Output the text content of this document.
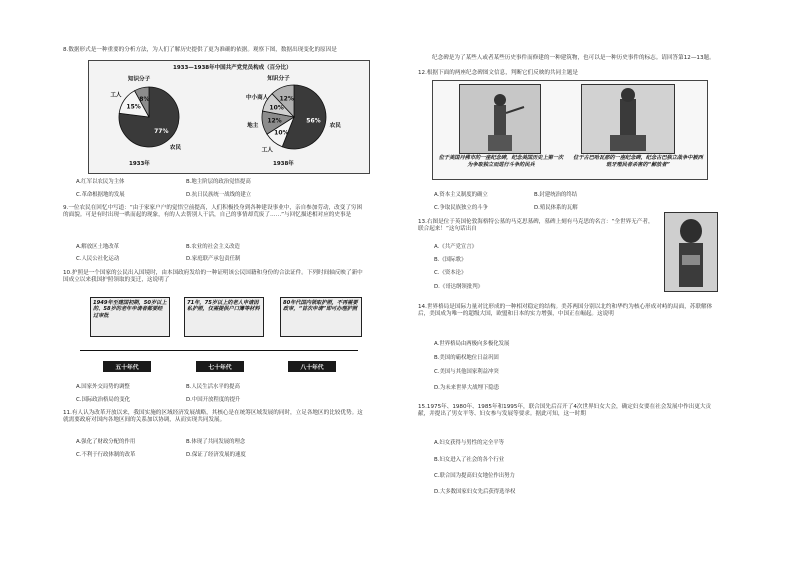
8.数据形式是一种重要的分析方法，为人们了解历史提供了更为准确的依据。观察下图，数据出现变化的原因是
1933—1938年中国共产党党员构成（百分比）
77%
农民
15%
工人
8%
知识分子
56%
农民
10%
工人
12%
地主
10%
中小商人 12%
知识分子
1933年	1938年
A.红军以农民为主体	B.地主阶层的政治觉悟提高
C.革命根据地的发展	D.抗日民族统一战线的建立
9.一位农民在回忆中写道：“由于家家户户的觉悟空前提高，人们积极投身到各种建设事业中，亲自参加劳动，改变了穷困的面貌。可是有时出现一哄而起的现象，有的人去帮别人干活，自己的事情却荒废了……”与回忆描述相对应的史事是
A.解放区土地改革	B.农业的社会主义改造
C.人民公社化运动	D.家庭联产承包责任制
10.护照是一个国家的公民出入国境时，由本国政府发给的一种证明该公民国籍和身份的合法证件。下列时间轴反映了新中国成立以来我国护照领取的变迁，这说明了
1949年至建国初期，50岁以上的、58岁的老年申请者都要经过审批
71年，75岁以上的老人申请因私护照，仅需提供户口簿等材料
80年代国内领取护照，不再需要政审，“首次申请”即可办理护照
五十年代	七十年代	八十年代
A.国家外交局势的调整	B.人民生活水平的提高
C.国际政治格局的变化	D.中国开放程度的提升
11.有人认为改革开放以来，我国实施的区域经济发展战略，其核心是在统筹区域发展的同时，立足各地区的比较优势。这就需要政府对国内各地区间的关系加以协调，从而实现共同发展。
A.强化了财政分配的作用	B.体现了共同发展的理念
C.不利于行政体制的改革	D.保证了经济发展的速度
纪念碑是为了某些人或者某些历史事件而修建的一种建筑物，也可以是一种历史事件的标志。请回答第12—13题。
12.根据下面的两座纪念碑图文信息，判断它们反映的共同主题是
位于美国丹佛市的一座纪念碑，纪念美国历史上第一次为争取独立而进行斗争的民兵
位于古巴哈瓦那的一座纪念碑，纪念古巴独立战争中被西班牙殖民者杀害的“解放者”
A.资本主义制度的确立	B.封建统治的终结
C.争取民族独立的斗争	D.殖民体系的瓦解
13.右图是位于英国伦敦海格特公墓的马克思墓碑，墓碑上刻有马克思的名言：“全世界无产者，联合起来！”这句话出自
A.《共产党宣言》
B.《国际歌》
C.《资本论》
D.《哥达纲领批判》
14.世界格局是国际力量对比形成的一种相对稳定的结构。美苏两国分别以北约和华约为核心形成对峙的局面，苏联解体后，美国成为唯一的超级大国，欧盟和日本的实力增强，中国正在崛起。这说明
A.世界格局由两极向多极化发展
B.美国的霸权地位日益巩固
C.美国与其他国家利益冲突
D.为未来世界大战埋下隐患
15.1975年、1980年、1985年和1995年，联合国先后召开了4次世界妇女大会，确定妇女要在社会发展中作出更大贡献，并提出了男女平等、妇女参与发展等要求。据此可知，这一时期
A.妇女获得与男性的完全平等
B.妇女进入了社会的各个行业
C.联合国为提高妇女地位作出努力
D.大多数国家妇女先后获得选举权
